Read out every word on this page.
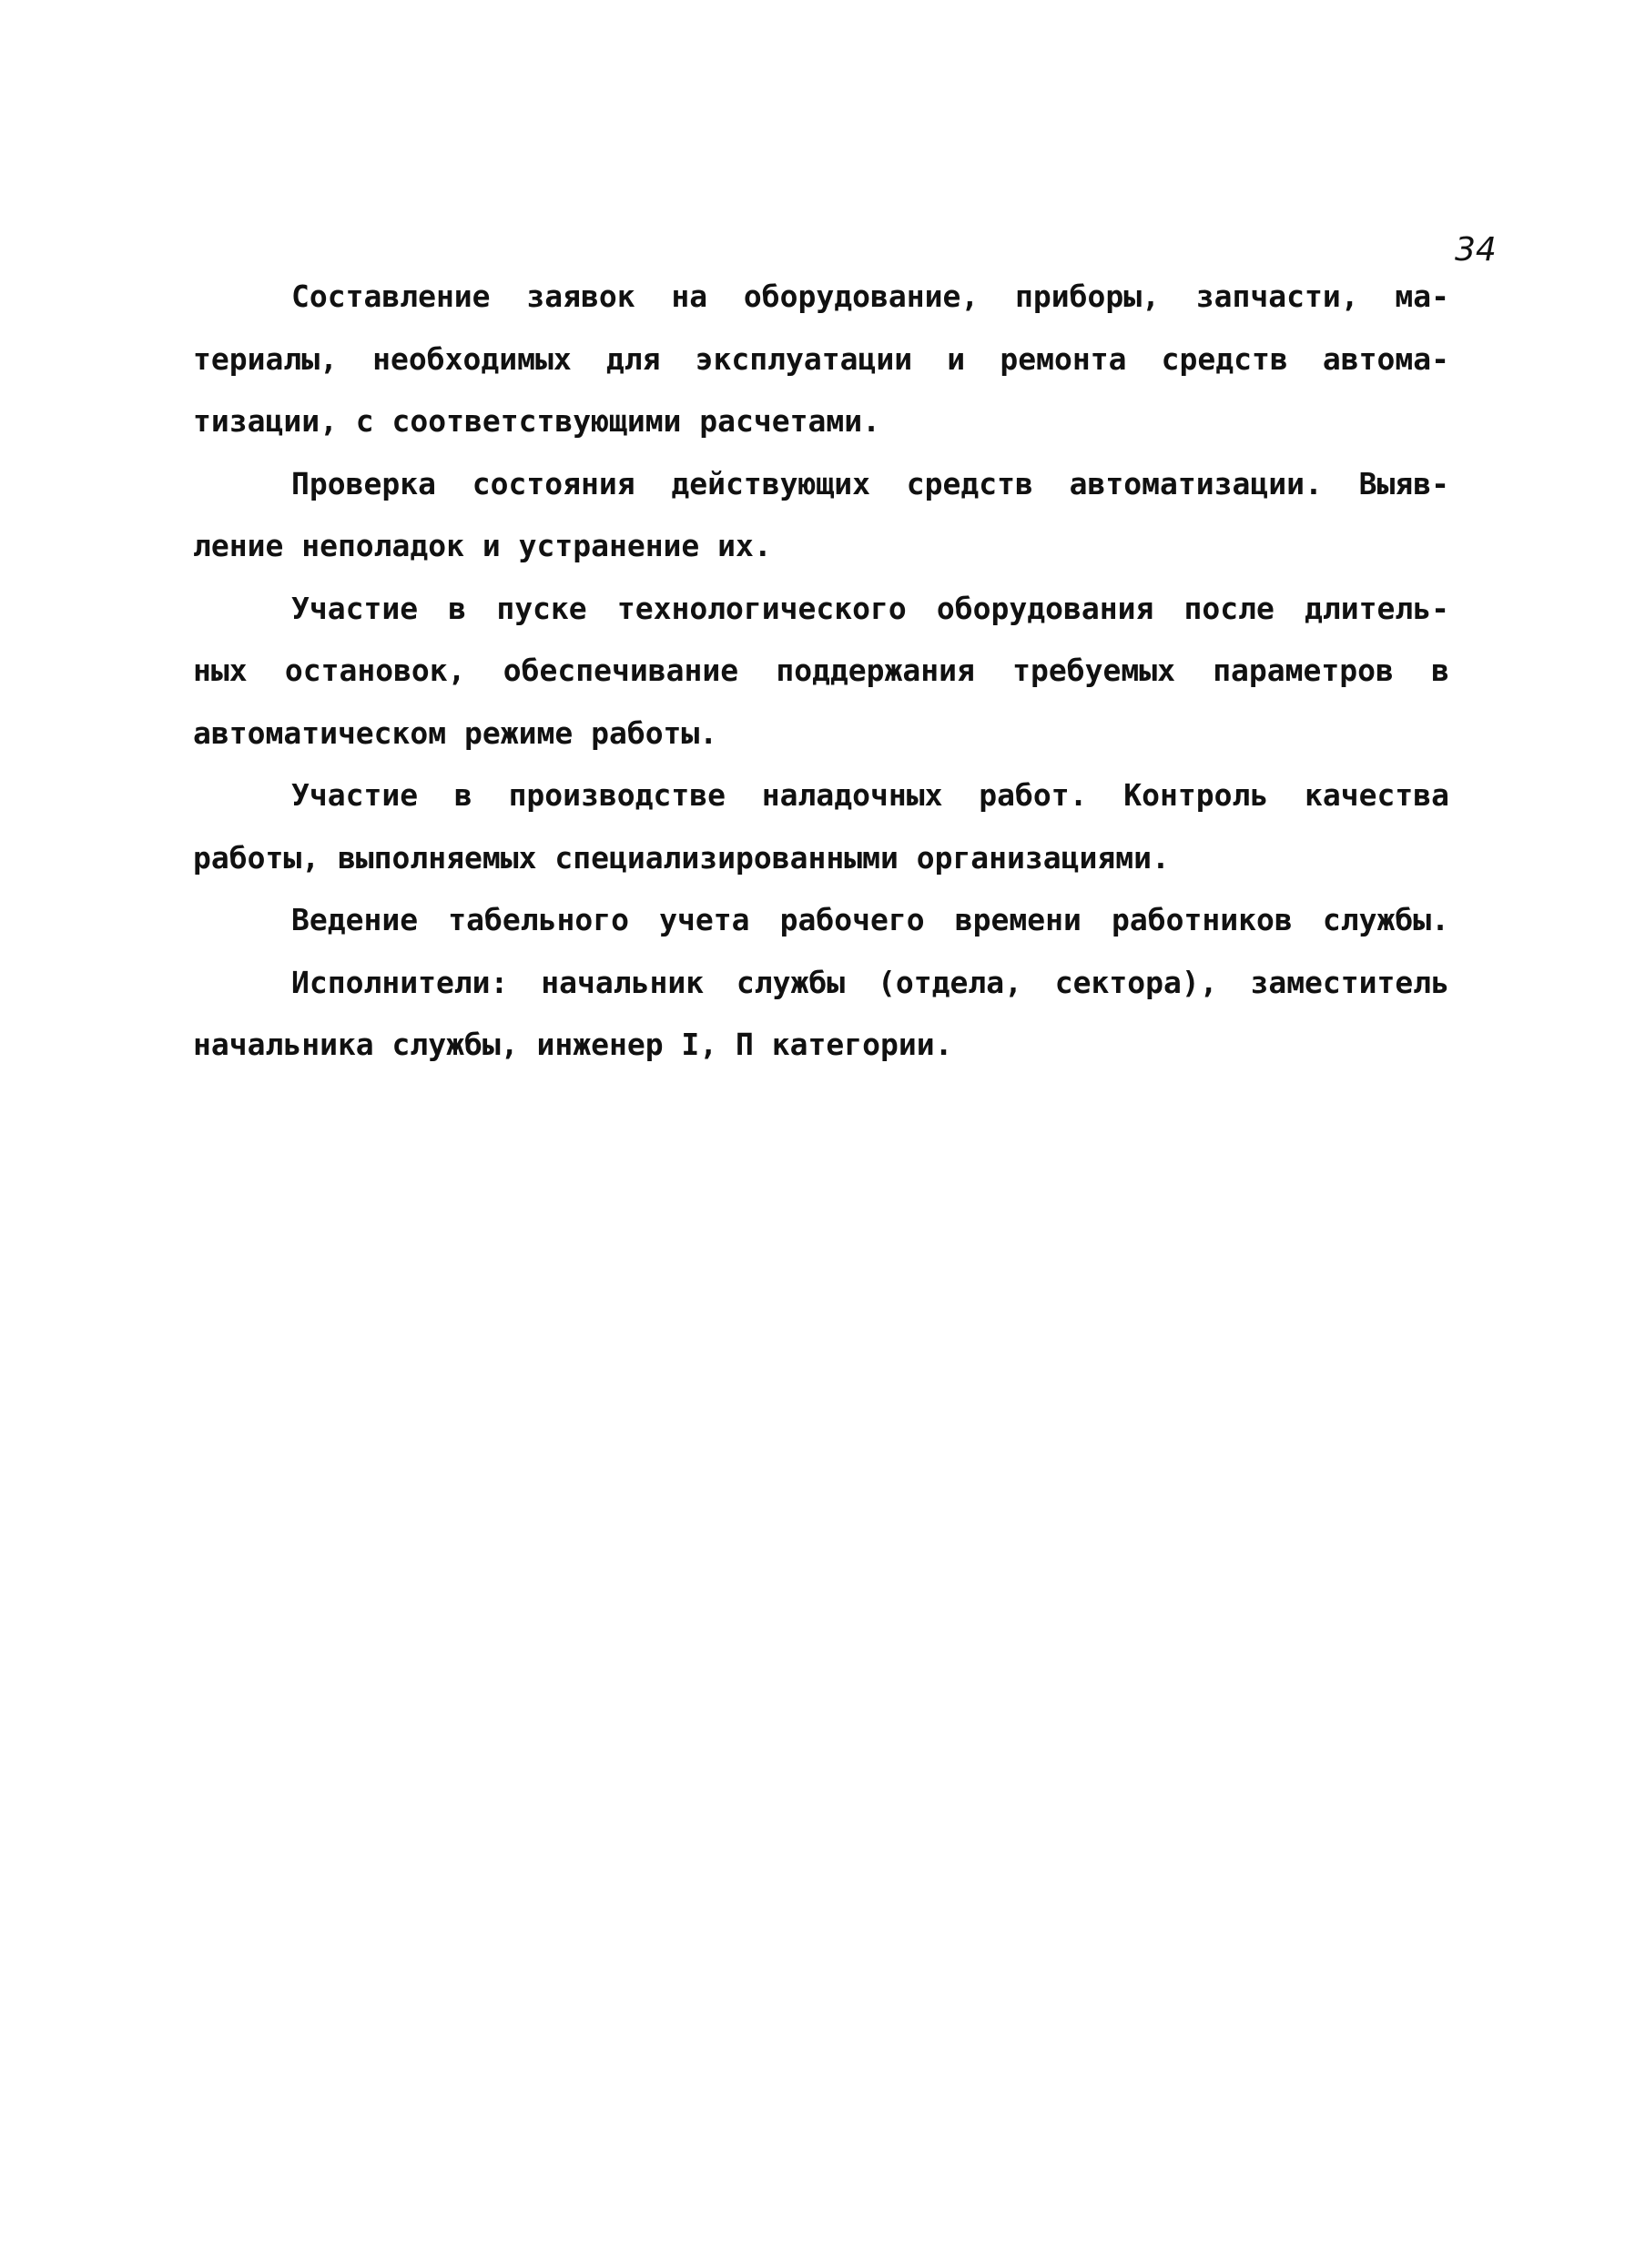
34
Составление заявок на оборудование, приборы, запчасти, ма-
териалы, необходимых для эксплуатации и ремонта средств автома-
тизации, с соответствующими расчетами.
Проверка состояния действующих средств автоматизации. Выяв-
ление неполадок и устранение их.
Участие в пуске технологического оборудования после длитель-
ных остановок, обеспечивание поддержания требуемых параметров в
автоматическом режиме работы.
Участие в производстве наладочных работ. Контроль качества
работы, выполняемых специализированными организациями.
Ведение табельного учета рабочего времени работников службы.
Исполнители: начальник службы (отдела, сектора), заместитель
начальника службы, инженер I, П категории.
